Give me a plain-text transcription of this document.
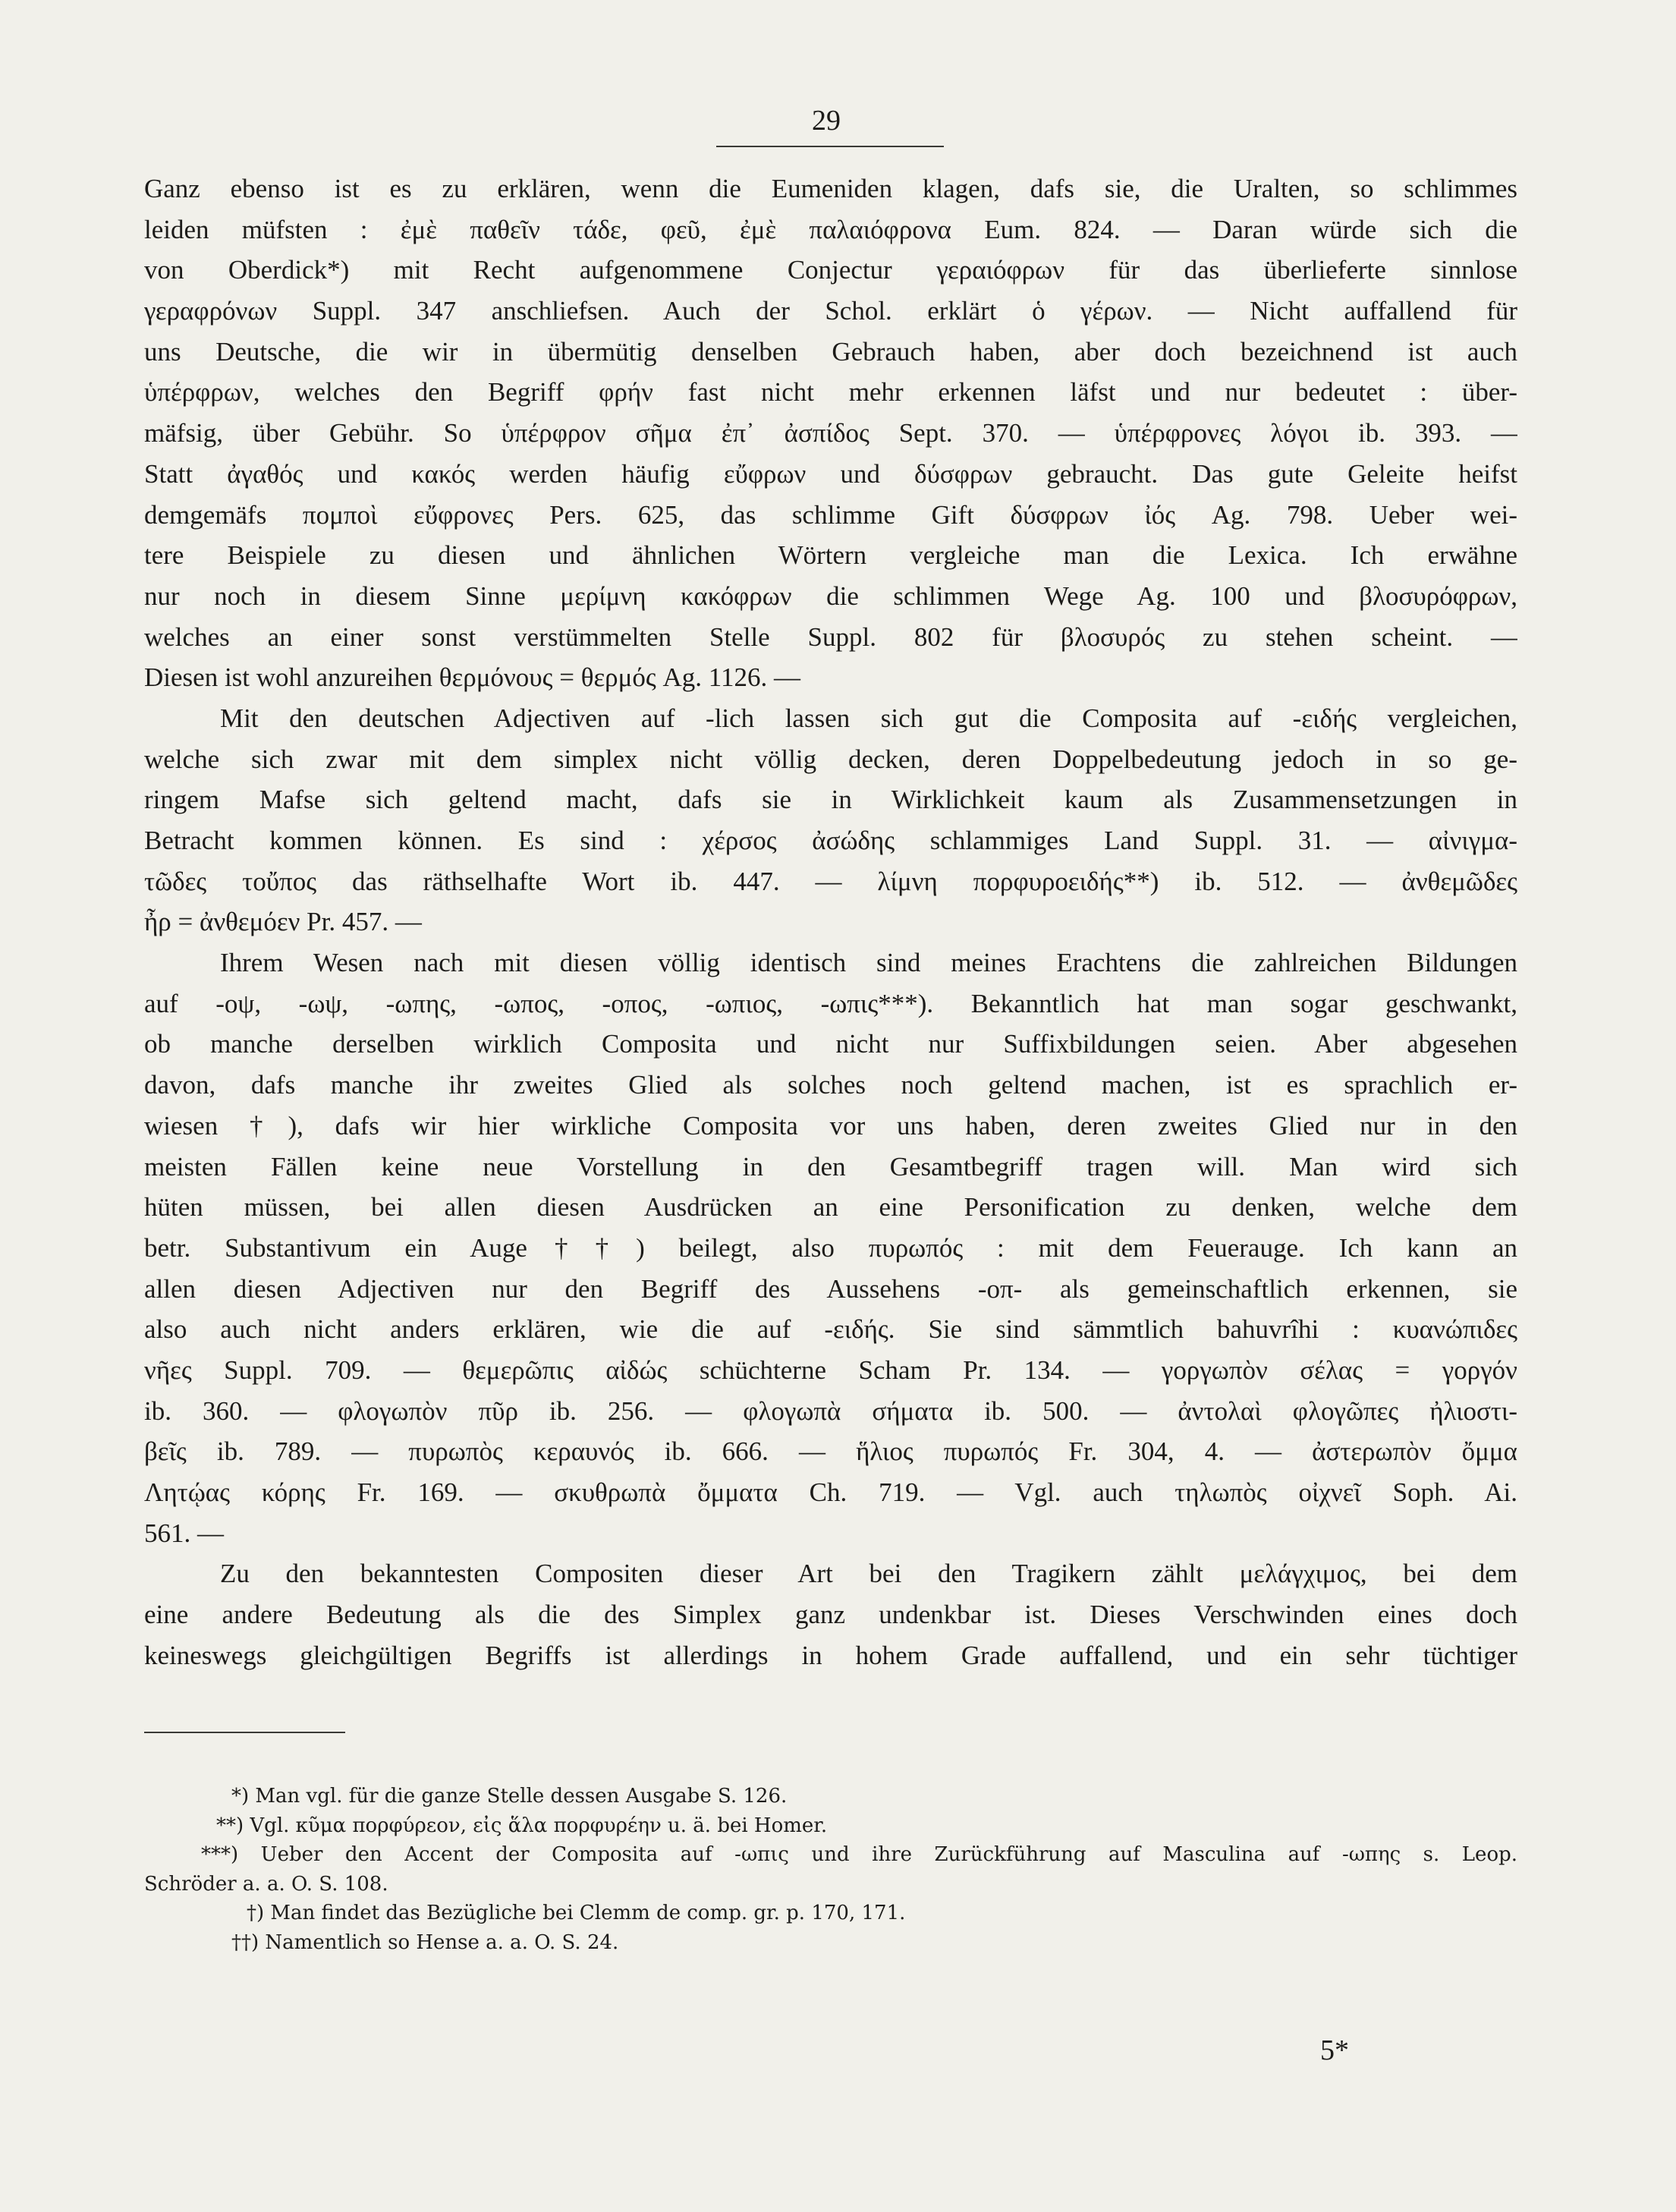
29
Ganz ebenso ist es zu erklären, wenn die Eumeniden klagen, dafs sie, die Uralten, so schlimmes
leiden müfsten : ἐμὲ παθεῖν τάδε, φεῦ, ἐμὲ παλαιόφρονα Eum. 824. — Daran würde sich die
von Oberdick*) mit Recht aufgenommene Conjectur γεραιόφρων für das überlieferte sinnlose
γεραφρόνων Suppl. 347 anschliefsen. Auch der Schol. erklärt ὁ γέρων. — Nicht auffallend für
uns Deutsche, die wir in übermütig denselben Gebrauch haben, aber doch bezeichnend ist auch
ὑπέρφρων, welches den Begriff φρήν fast nicht mehr erkennen läfst und nur bedeutet : über-
mäfsig, über Gebühr. So ὑπέρφρον σῆμα ἐπ᾽ ἀσπίδος Sept. 370. — ὑπέρφρονες λόγοι ib. 393. —
Statt ἀγαθός und κακός werden häufig εὔφρων und δύσφρων gebraucht. Das gute Geleite heifst
demgemäfs πομποὶ εὔφρονες Pers. 625, das schlimme Gift δύσφρων ἰός Ag. 798. Ueber wei-
tere Beispiele zu diesen und ähnlichen Wörtern vergleiche man die Lexica. Ich erwähne
nur noch in diesem Sinne μερίμνη κακόφρων die schlimmen Wege Ag. 100 und βλοσυρόφρων,
welches an einer sonst verstümmelten Stelle Suppl. 802 für βλοσυρός zu stehen scheint. —
Diesen ist wohl anzureihen θερμόνους = θερμός Ag. 1126. —
Mit den deutschen Adjectiven auf -lich lassen sich gut die Composita auf -ειδής vergleichen,
welche sich zwar mit dem simplex nicht völlig decken, deren Doppelbedeutung jedoch in so ge-
ringem Mafse sich geltend macht, dafs sie in Wirklichkeit kaum als Zusammensetzungen in
Betracht kommen können. Es sind : χέρσος ἀσώδης schlammiges Land Suppl. 31. — αἰνιγμα-
τῶδες τοὔπος das räthselhafte Wort ib. 447. — λίμνη πορφυροειδής**) ib. 512. — ἀνθεμῶδες
ἦρ = ἀνθεμόεν Pr. 457. —
Ihrem Wesen nach mit diesen völlig identisch sind meines Erachtens die zahlreichen Bildungen
auf -οψ, -ωψ, -ωπης, -ωπος, -οπος, -ωπιος, -ωπις***). Bekanntlich hat man sogar geschwankt,
ob manche derselben wirklich Composita und nicht nur Suffixbildungen seien. Aber abgesehen
davon, dafs manche ihr zweites Glied als solches noch geltend machen, ist es sprachlich er-
wiesen †), dafs wir hier wirkliche Composita vor uns haben, deren zweites Glied nur in den
meisten Fällen keine neue Vorstellung in den Gesamtbegriff tragen will. Man wird sich
hüten müssen, bei allen diesen Ausdrücken an eine Personification zu denken, welche dem
betr. Substantivum ein Auge††) beilegt, also πυρωπός : mit dem Feuerauge. Ich kann an
allen diesen Adjectiven nur den Begriff des Aussehens -οπ- als gemeinschaftlich erkennen, sie
also auch nicht anders erklären, wie die auf -ειδής. Sie sind sämmtlich bahuvrîhi : κυανώπιδες
νῆες Suppl. 709. — θεμερῶπις αἰδώς schüchterne Scham Pr. 134. — γοργωπὸν σέλας = γοργόν
ib. 360. — φλογωπὸν πῦρ ib. 256. — φλογωπὰ σήματα ib. 500. — ἀντολαὶ φλογῶπες ἠλιοστι-
βεῖς ib. 789. — πυρωπὸς κεραυνός ib. 666. — ἥλιος πυρωπός Fr. 304, 4. — ἀστερωπὸν ὄμμα
Λητῴας κόρης Fr. 169. — σκυθρωπὰ ὄμματα Ch. 719. — Vgl. auch τηλωπὸς οἰχνεῖ Soph. Ai.
561. —
Zu den bekanntesten Compositen dieser Art bei den Tragikern zählt μελάγχιμος, bei dem
eine andere Bedeutung als die des Simplex ganz undenkbar ist. Dieses Verschwinden eines doch
keineswegs gleichgültigen Begriffs ist allerdings in hohem Grade auffallend, und ein sehr tüchtiger
*) Man vgl. für die ganze Stelle dessen Ausgabe S. 126.
**) Vgl. κῦμα πορφύρεον, εἰς ἅλα πορφυρέην u. ä. bei Homer.
***) Ueber den Accent der Composita auf -ωπις und ihre Zurückführung auf Masculina auf -ωπης s. Leop.
Schröder a. a. O. S. 108.
†) Man findet das Bezügliche bei Clemm de comp. gr. p. 170, 171.
††) Namentlich so Hense a. a. O. S. 24.
5*
